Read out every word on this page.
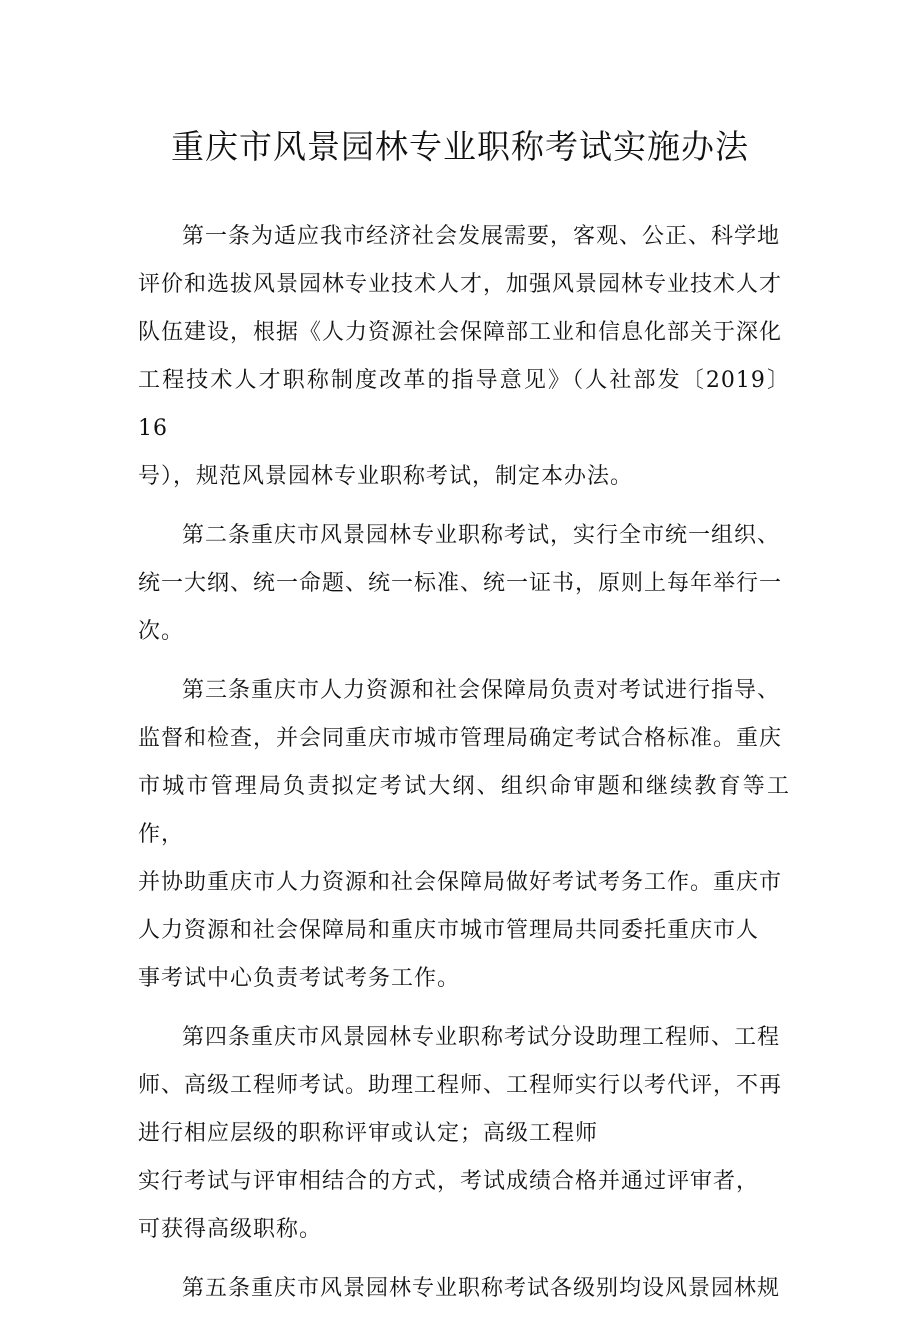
重庆市风景园林专业职称考试实施办法

第一条为适应我市经济社会发展需要，客观、公正、科学地
评价和选拔风景园林专业技术人才，加强风景园林专业技术人才
队伍建设，根据《人力资源社会保障部工业和信息化部关于深化
工程技术人才职称制度改革的指导意见》（人社部发〔2019〕16
号），规范风景园林专业职称考试，制定本办法。

第二条重庆市风景园林专业职称考试，实行全市统一组织、
统一大纲、统一命题、统一标准、统一证书，原则上每年举行一
次。

第三条重庆市人力资源和社会保障局负责对考试进行指导、
监督和检查，并会同重庆市城市管理局确定考试合格标准。重庆
市城市管理局负责拟定考试大纲、组织命审题和继续教育等工作，
并协助重庆市人力资源和社会保障局做好考试考务工作。重庆市
人力资源和社会保障局和重庆市城市管理局共同委托重庆市人
事考试中心负责考试考务工作。

第四条重庆市风景园林专业职称考试分设助理工程师、工程
师、高级工程师考试。助理工程师、工程师实行以考代评，不再
进行相应层级的职称评审或认定；高级工程师
实行考试与评审相结合的方式，考试成绩合格并通过评审者，
可获得高级职称。

第五条重庆市风景园林专业职称考试各级别均设风景园林规
